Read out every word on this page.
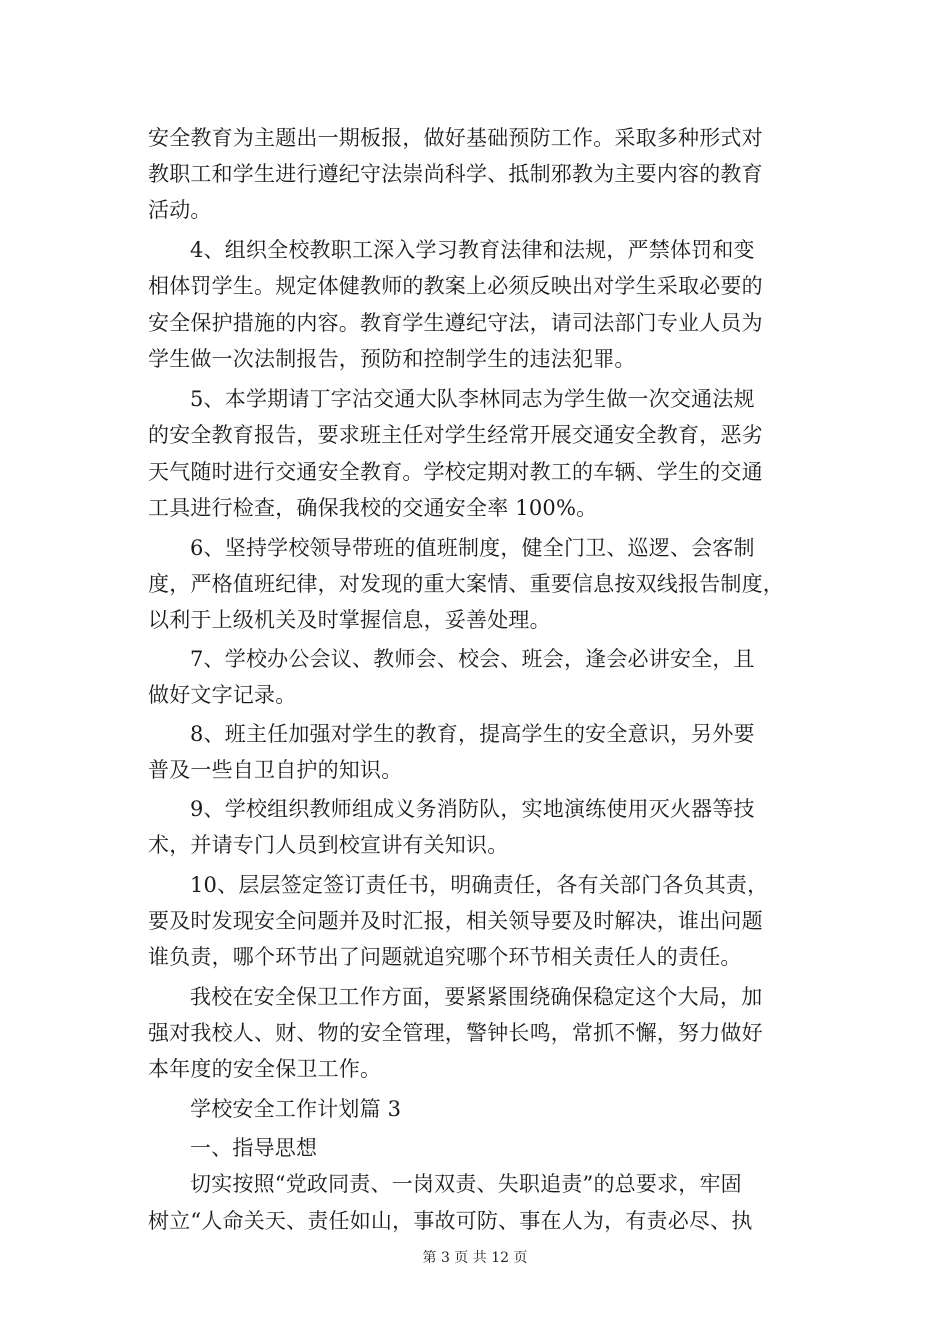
安全教育为主题出一期板报，做好基础预防工作。采取多种形式对
教职工和学生进行遵纪守法崇尚科学、抵制邪教为主要内容的教育
活动。
4、组织全校教职工深入学习教育法律和法规，严禁体罚和变
相体罚学生。规定体健教师的教案上必须反映出对学生采取必要的
安全保护措施的内容。教育学生遵纪守法，请司法部门专业人员为
学生做一次法制报告，预防和控制学生的违法犯罪。
5、本学期请丁字沽交通大队李林同志为学生做一次交通法规
的安全教育报告，要求班主任对学生经常开展交通安全教育，恶劣
天气随时进行交通安全教育。学校定期对教工的车辆、学生的交通
工具进行检查，确保我校的交通安全率 100%。
6、坚持学校领导带班的值班制度，健全门卫、巡逻、会客制
度，严格值班纪律，对发现的重大案情、重要信息按双线报告制度，
以利于上级机关及时掌握信息，妥善处理。
7、学校办公会议、教师会、校会、班会，逢会必讲安全，且
做好文字记录。
8、班主任加强对学生的教育，提高学生的安全意识，另外要
普及一些自卫自护的知识。
9、学校组织教师组成义务消防队，实地演练使用灭火器等技
术，并请专门人员到校宣讲有关知识。
10、层层签定签订责任书，明确责任，各有关部门各负其责，
要及时发现安全问题并及时汇报，相关领导要及时解决，谁出问题
谁负责，哪个环节出了问题就追究哪个环节相关责任人的责任。
我校在安全保卫工作方面，要紧紧围绕确保稳定这个大局，加
强对我校人、财、物的安全管理，警钟长鸣，常抓不懈，努力做好
本年度的安全保卫工作。
学校安全工作计划篇 3
一、指导思想
切实按照“党政同责、一岗双责、失职追责”的总要求，牢固
树立“人命关天、责任如山，事故可防、事在人为，有责必尽、执
第 3 页 共 12 页
